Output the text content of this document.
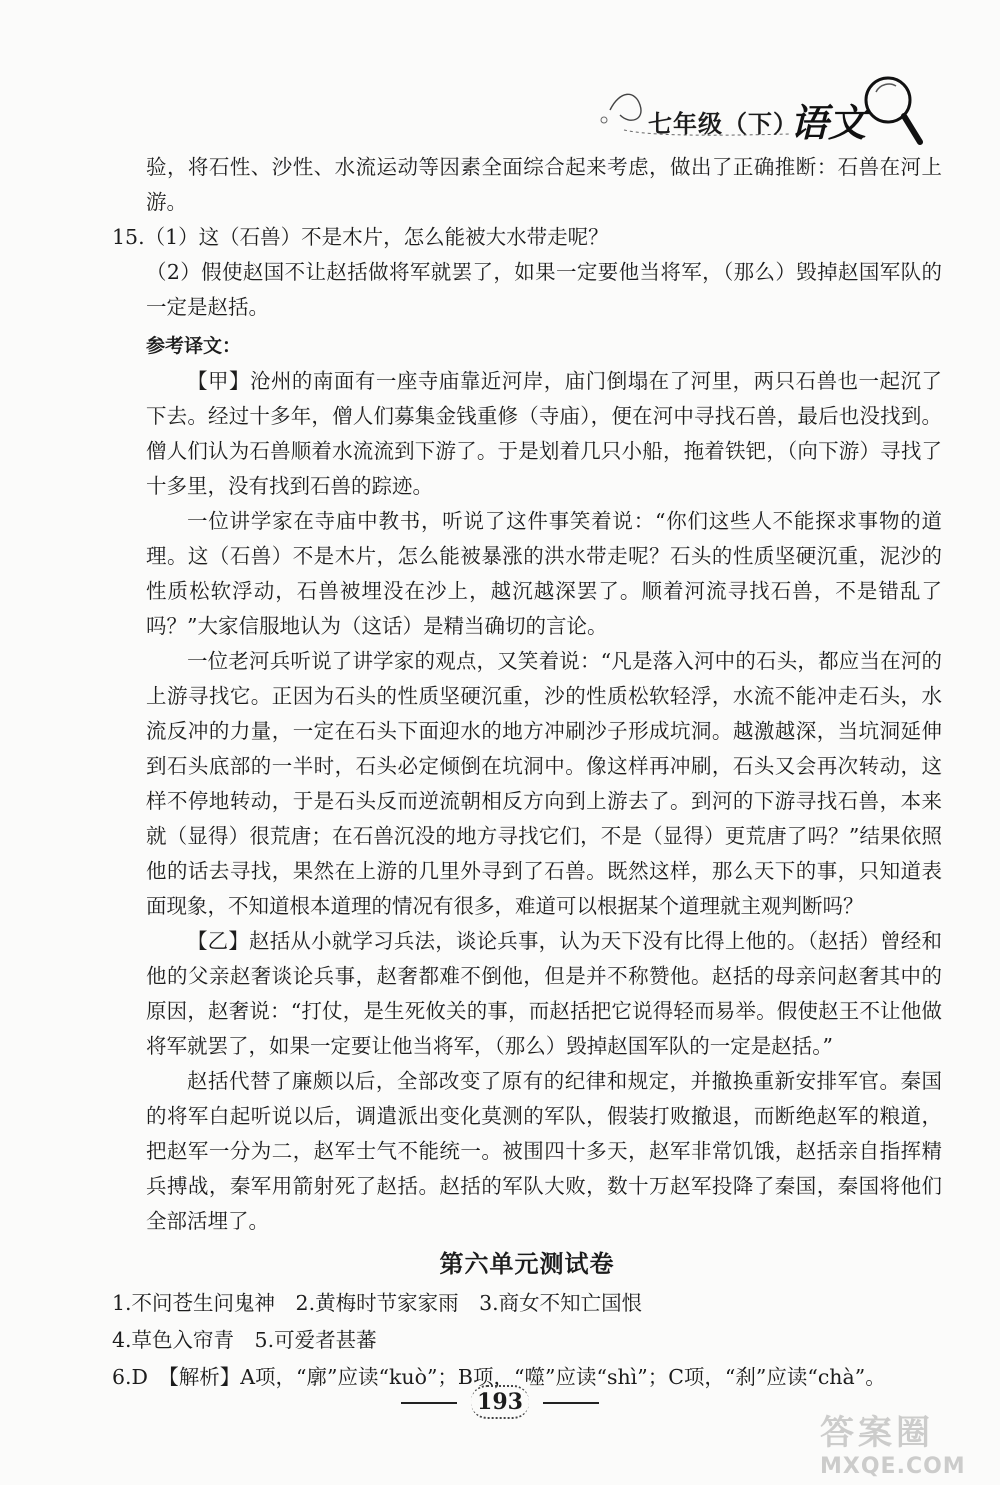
七年级（下）
语文

验，将石性、沙性、水流运动等因素全面综合起来考虑，做出了正确推断：石兽在河上游。

15.（1）这（石兽）不是木片，怎么能被大水带走呢？

（2）假使赵国不让赵括做将军就罢了，如果一定要他当将军，（那么）毁掉赵国军队的一定是赵括。

参考译文：

【甲】沧州的南面有一座寺庙靠近河岸，庙门倒塌在了河里，两只石兽也一起沉了下去。经过十多年，僧人们募集金钱重修（寺庙），便在河中寻找石兽，最后也没找到。僧人们认为石兽顺着水流流到下游了。于是划着几只小船，拖着铁钯，（向下游）寻找了十多里，没有找到石兽的踪迹。

一位讲学家在寺庙中教书，听说了这件事笑着说：“你们这些人不能探求事物的道理。这（石兽）不是木片，怎么能被暴涨的洪水带走呢？石头的性质坚硬沉重，泥沙的性质松软浮动，石兽被埋没在沙上，越沉越深罢了。顺着河流寻找石兽，不是错乱了吗？”大家信服地认为（这话）是精当确切的言论。

一位老河兵听说了讲学家的观点，又笑着说：“凡是落入河中的石头，都应当在河的上游寻找它。正因为石头的性质坚硬沉重，沙的性质松软轻浮，水流不能冲走石头，水流反冲的力量，一定在石头下面迎水的地方冲刷沙子形成坑洞。越激越深，当坑洞延伸到石头底部的一半时，石头必定倾倒在坑洞中。像这样再冲刷，石头又会再次转动，这样不停地转动，于是石头反而逆流朝相反方向到上游去了。到河的下游寻找石兽，本来就（显得）很荒唐；在石兽沉没的地方寻找它们，不是（显得）更荒唐了吗？”结果依照他的话去寻找，果然在上游的几里外寻到了石兽。既然这样，那么天下的事，只知道表面现象，不知道根本道理的情况有很多，难道可以根据某个道理就主观判断吗？

【乙】赵括从小就学习兵法，谈论兵事，认为天下没有比得上他的。（赵括）曾经和他的父亲赵奢谈论兵事，赵奢都难不倒他，但是并不称赞他。赵括的母亲问赵奢其中的原因，赵奢说：“打仗，是生死攸关的事，而赵括把它说得轻而易举。假使赵王不让他做将军就罢了，如果一定要让他当将军，（那么）毁掉赵国军队的一定是赵括。”

赵括代替了廉颇以后，全部改变了原有的纪律和规定，并撤换重新安排军官。秦国的将军白起听说以后，调遣派出变化莫测的军队，假装打败撤退，而断绝赵军的粮道，把赵军一分为二，赵军士气不能统一。被围四十多天，赵军非常饥饿，赵括亲自指挥精兵搏战，秦军用箭射死了赵括。赵括的军队大败，数十万赵军投降了秦国，秦国将他们全部活埋了。

第六单元测试卷

1.不问苍生问鬼神　2.黄梅时节家家雨　3.商女不知亡国恨

4.草色入帘青　5.可爱者甚蕃

6.D　【解析】A项，“廓”应读“kuò”；B项，“噬”应读“shì”；C项，“刹”应读“chà”。

193
答案圈
MXQE.COM
